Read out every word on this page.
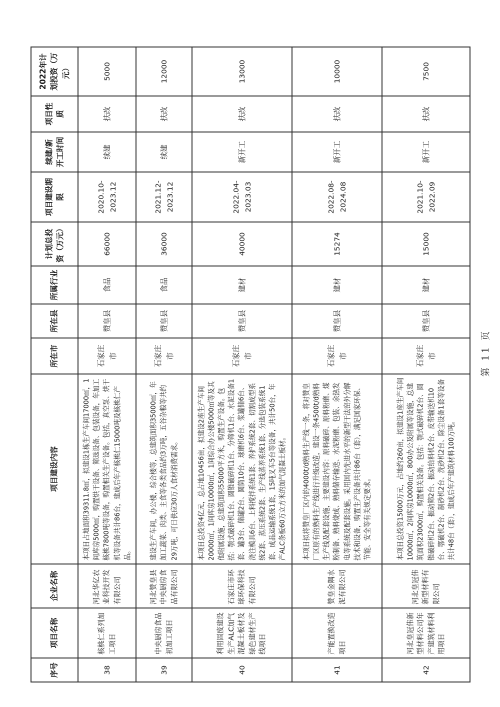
序号	项目名称	企业名称	项目建设内容	所在市	所在县	所属行业	计划总投资（万元）	项目建设期限	续建/新开工时间	项目性质	2022年计划投资（万元）
38	核桃仁系列加工项目	河北华亿农业科技开发有限公司	本项目占地面积39311.8㎡，拟建设1栋生产车间17000㎡，1间库房5000㎡，购置烘干设备、筛选设备、包装设备，年加工核桃7800吨等设备，购置相关生产设备。包括，真空泵、烘干机等设备共计86台，建成后年产核桃仁15000吨及核桃仁产品。	石家庄市	赞皇县	食品	66000	2020.10-2023.12	续建	扶改	5000
39	中央厨房食品初加工项目	河北赞皇县中央厨房食品有限公司	建设生产车间，办公楼，综合楼等，总建筑面积35000㎡，年加工蔬菜、肉类、主食等各类食品约3万吨，五谷杂粮等共约29万吨，可日供应30万人食材消费需求。	石家庄市	赞皇县	食品	36000	2021.12-2023.12	续建	扶改	12000
40	利用固废建设生产ALC加气混凝土板材及绿色建材生产线项目	石家庄市环球环保科技有限公司	本项目总投资4亿元，总占地10456亩，拟建设2座生产车间20000㎡，1间库房10000㎡，1间综合办公楼5000㎡等及其他附属设施，总建筑面积55000平方米，购置生产设备。包括：颚式破碎机1台、圆锥破碎机1台、分筛机1台、水泥设备1套、罐3台、储罐2台、圆筒10台、球磨机6台、浆罐储6台、浇注模具6台、上料搅拌系统1套、养护系统2套、切割成型系统2套、蒸压系统2套、生产线蒸养系统1套、分选包装系统1套、成品运输系统1套，15吨叉车5台等设备，共计50台，年产ALC条板60万立方米的加气混凝土板材。	石家庄市	赞皇县	建材	40000	2022.04-2023.03	新开工	扶改	13000
41	产能置换改造项目	赞皇金隅水泥有限公司	本项目拟将赞皇厂区内的4000t/d熟料生产线一条，将对赞皇厂区原有的熟料生产线进行升级改造，建设一条4500t/d熟料生产线及配套设施，主要建设内容：原料破碎、原料粉磨、煤粉制备、熟料烧成、熟料储存输送、水泥粉磨、包装、余热发电等系统及配套设施。采用国内先进水平的新型干法窑外分解技术和设备，购置生产设备共计86台（套），满足国家环保、节能、安全等有关规定要求。	石家庄市	赞皇县	建材	15274	2022.08-2024.08	新开工	扶改	10000
42	河北皇冠伟新型材料公司年产建筑材料利用项目	河北皇冠伟新型材料有限公司	本项目总投资15000万元，占地约260亩，拟建设1座生产车间10000㎡，2间库房10000㎡，800办公及附属等设施，总建筑面积23000㎡，购置相关设备。包括：颚式破碎机2台、圆锥破碎机2台、振动筛2台、振动给料机2台、皮带输送机10台、鄂破机2台、制砂机2台、洗砂机2台、除尘设备1套等设备共计48台（套），建成后年产建筑材料100万吨。	石家庄市	赞皇县	建材	15000	2021.10-2022.09	新开工	扶改	7500
第 11 页
